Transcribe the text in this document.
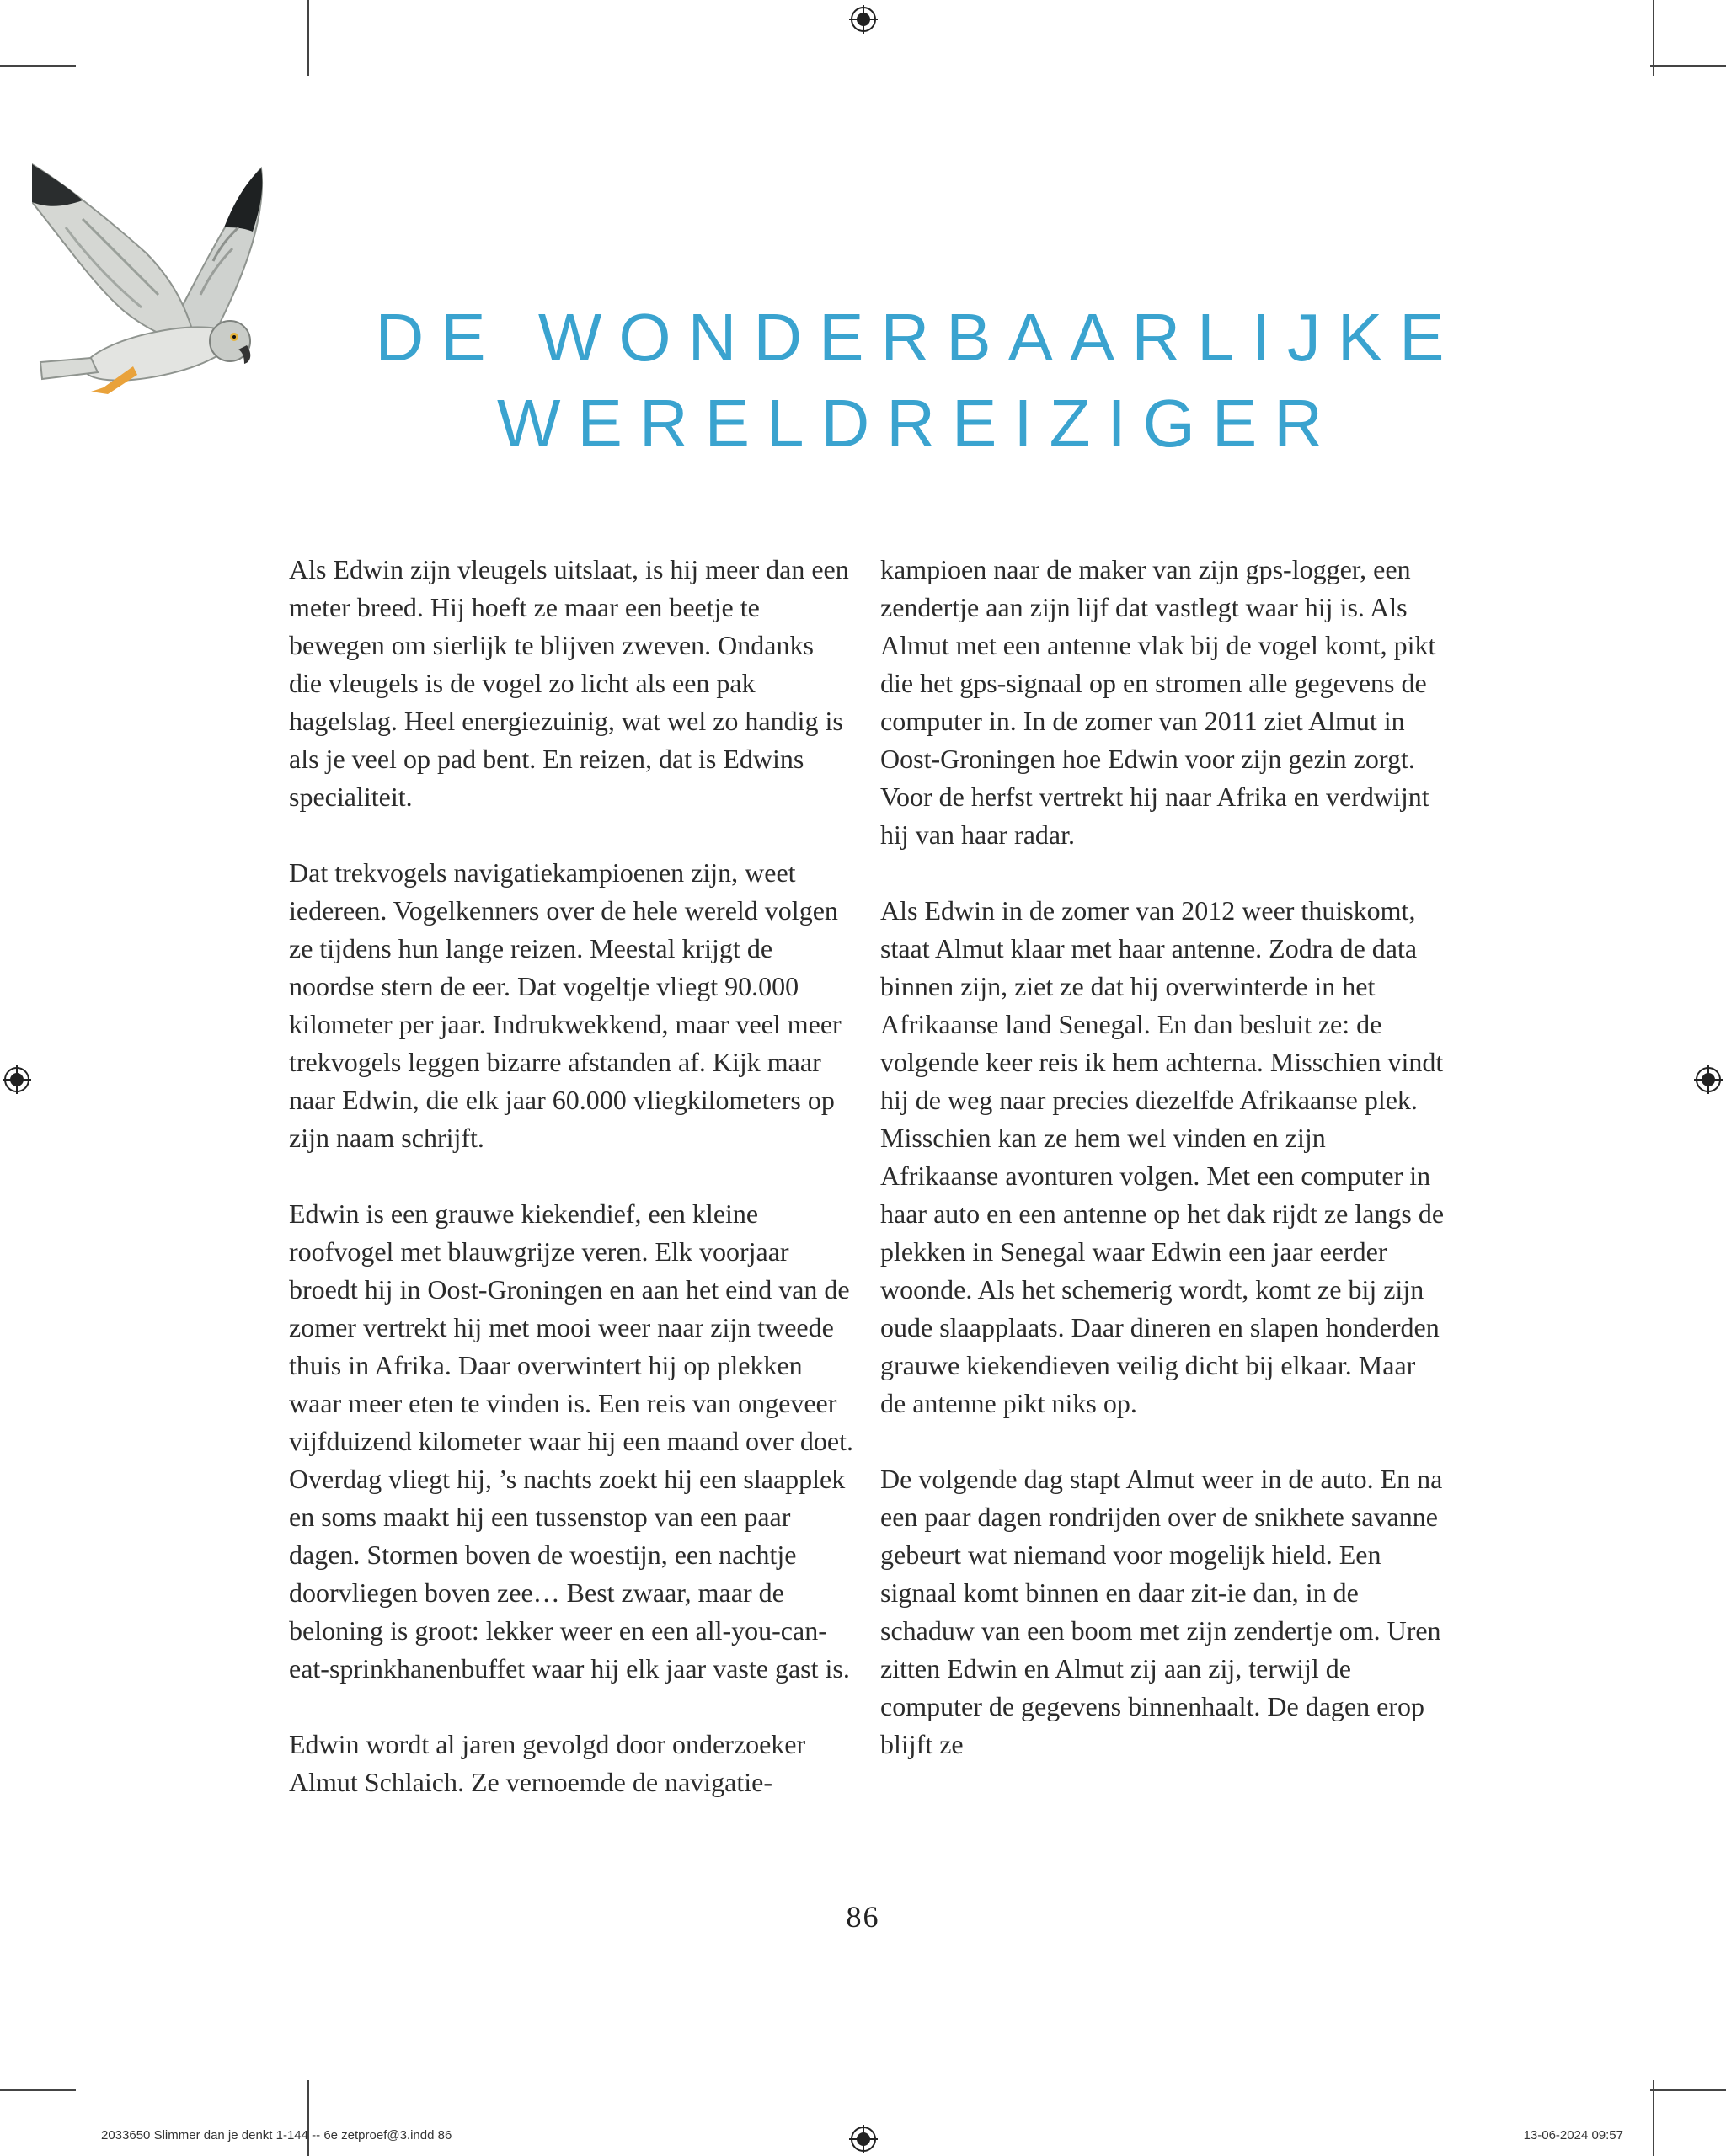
DE WONDERBAARLIJKE
WERELDREIZIGER

Als Edwin zijn vleugels uitslaat, is hij meer dan een meter breed. Hij hoeft ze maar een beetje te bewegen om sierlijk te blijven zweven. Ondanks die vleugels is de vogel zo licht als een pak hagelslag. Heel energiezuinig, wat wel zo handig is als je veel op pad bent. En reizen, dat is Edwins specialiteit.

Dat trekvogels navigatiekampioenen zijn, weet iedereen. Vogelkenners over de hele wereld volgen ze tijdens hun lange reizen. Meestal krijgt de noordse stern de eer. Dat vogeltje vliegt 90.000 kilometer per jaar. Indrukwekkend, maar veel meer trekvogels leggen bizarre afstanden af. Kijk maar naar Edwin, die elk jaar 60.000 vliegkilometers op zijn naam schrijft.

Edwin is een grauwe kiekendief, een kleine roofvogel met blauwgrijze veren. Elk voorjaar broedt hij in Oost-Groningen en aan het eind van de zomer vertrekt hij met mooi weer naar zijn tweede thuis in Afrika. Daar overwintert hij op plekken waar meer eten te vinden is. Een reis van ongeveer vijfduizend kilometer waar hij een maand over doet. Overdag vliegt hij, ’s nachts zoekt hij een slaapplek en soms maakt hij een tussenstop van een paar dagen. Stormen boven de woestijn, een nachtje doorvliegen boven zee… Best zwaar, maar de beloning is groot: lekker weer en een all-you-can-eat-sprinkhanenbuffet waar hij elk jaar vaste gast is.

Edwin wordt al jaren gevolgd door onderzoeker Almut Schlaich. Ze vernoemde de navigatie-

kampioen naar de maker van zijn gps-logger, een zendertje aan zijn lijf dat vastlegt waar hij is. Als Almut met een antenne vlak bij de vogel komt, pikt die het gps-signaal op en stromen alle gegevens de computer in. In de zomer van 2011 ziet Almut in Oost-Groningen hoe Edwin voor zijn gezin zorgt. Voor de herfst vertrekt hij naar Afrika en verdwijnt hij van haar radar.

Als Edwin in de zomer van 2012 weer thuiskomt, staat Almut klaar met haar antenne. Zodra de data binnen zijn, ziet ze dat hij overwinterde in het Afrikaanse land Senegal. En dan besluit ze: de volgende keer reis ik hem achterna. Misschien vindt hij de weg naar precies diezelfde Afrikaanse plek. Misschien kan ze hem wel vinden en zijn Afrikaanse avonturen volgen. Met een computer in haar auto en een antenne op het dak rijdt ze langs de plekken in Senegal waar Edwin een jaar eerder woonde. Als het schemerig wordt, komt ze bij zijn oude slaapplaats. Daar dineren en slapen honderden grauwe kiekendieven veilig dicht bij elkaar. Maar de antenne pikt niks op.

De volgende dag stapt Almut weer in de auto. En na een paar dagen rondrijden over de snikhete savanne gebeurt wat niemand voor mogelijk hield. Een signaal komt binnen en daar zit-ie dan, in de schaduw van een boom met zijn zendertje om. Uren zitten Edwin en Almut zij aan zij, terwijl de computer de gegevens binnenhaalt. De dagen erop blijft ze

86
2033650 Slimmer dan je denkt 1-144 -- 6e zetproef@3.indd 86	13-06-2024 09:57
